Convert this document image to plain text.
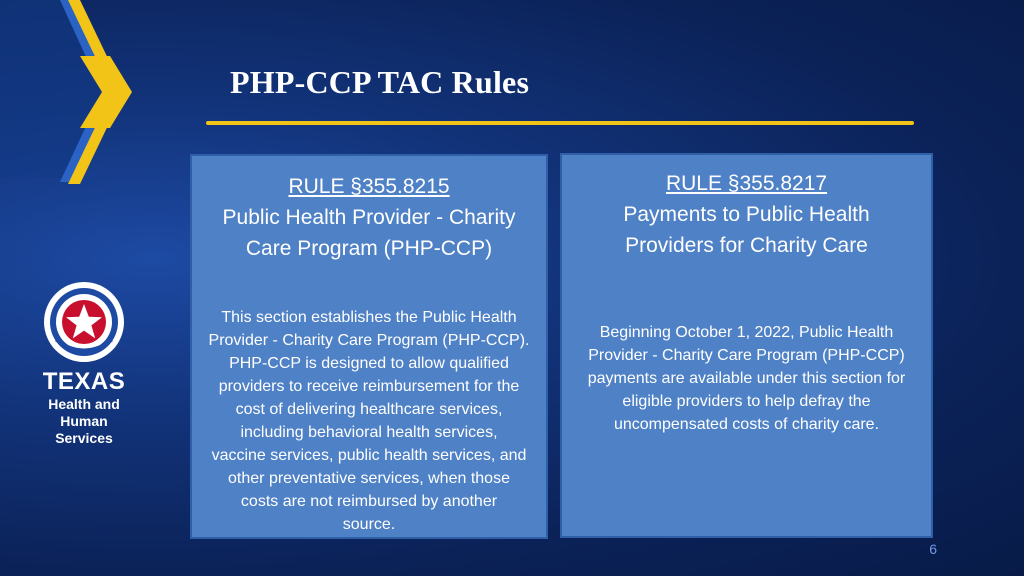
PHP-CCP TAC Rules
TEXAS
Health and Human
Services
RULE §355.8215
Public Health Provider - Charity
Care Program (PHP-CCP)
This section establishes the Public Health
Provider - Charity Care Program (PHP-CCP).
PHP-CCP is designed to allow qualified
providers to receive reimbursement for the
cost of delivering healthcare services,
including behavioral health services,
vaccine services, public health services, and
other preventative services, when those
costs are not reimbursed by another
source.
RULE §355.8217
Payments to Public Health
Providers for Charity Care
Beginning October 1, 2022, Public Health
Provider - Charity Care Program (PHP-CCP)
payments are available under this section for
eligible providers to help defray the
uncompensated costs of charity care.
6
